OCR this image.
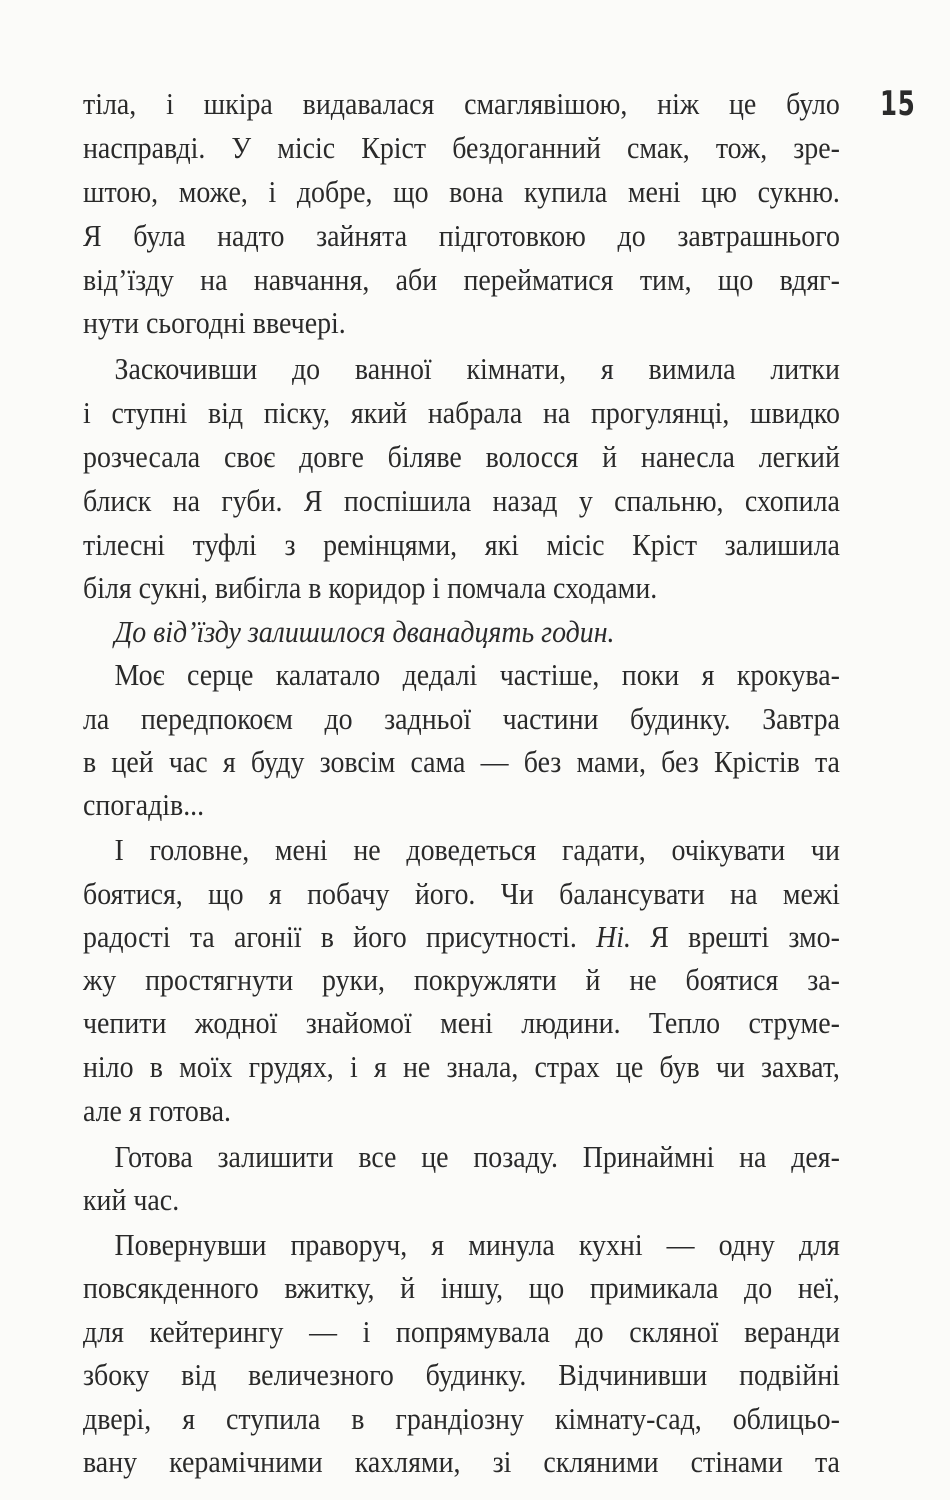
15
тіла, і шкіра видавалася смаглявішою, ніж це було
насправді. У місіс Кріст бездоганний смак, тож, зре-
штою, може, і добре, що вона купила мені цю сукню.
Я була надто зайнята підготовкою до завтрашнього
від’їзду на навчання, аби перейматися тим, що вдяг-
нути сьогодні ввечері.
Заскочивши до ванної кімнати, я вимила литки
і ступні від піску, який набрала на прогулянці, швидко
розчесала своє довге біляве волосся й нанесла легкий
блиск на губи. Я поспішила назад у спальню, схопила
тілесні туфлі з ремінцями, які місіс Кріст залишила
біля сукні, вибігла в коридор і помчала сходами.
До від’їзду залишилося дванадцять годин.
Моє серце калатало дедалі частіше, поки я крокува-
ла передпокоєм до задньої частини будинку. Завтра
в цей час я буду зовсім сама — без мами, без Крістів та
спогадів...
І головне, мені не доведеться гадати, очікувати чи
боятися, що я побачу його. Чи балансувати на межі
радості та агонії в його присутності. Ні. Я врешті змо-
жу простягнути руки, покружляти й не боятися за-
чепити жодної знайомої мені людини. Тепло струме-
ніло в моїх грудях, і я не знала, страх це був чи захват,
але я готова.
Готова залишити все це позаду. Принаймні на дея-
кий час.
Повернувши праворуч, я минула кухні — одну для
повсякденного вжитку, й іншу, що примикала до неї,
для кейтерингу — і попрямувала до скляної веранди
збоку від величезного будинку. Відчинивши подвійні
двері, я ступила в грандіозну кімнату-сад, облицьо-
вану керамічними кахлями, зі скляними стінами та
